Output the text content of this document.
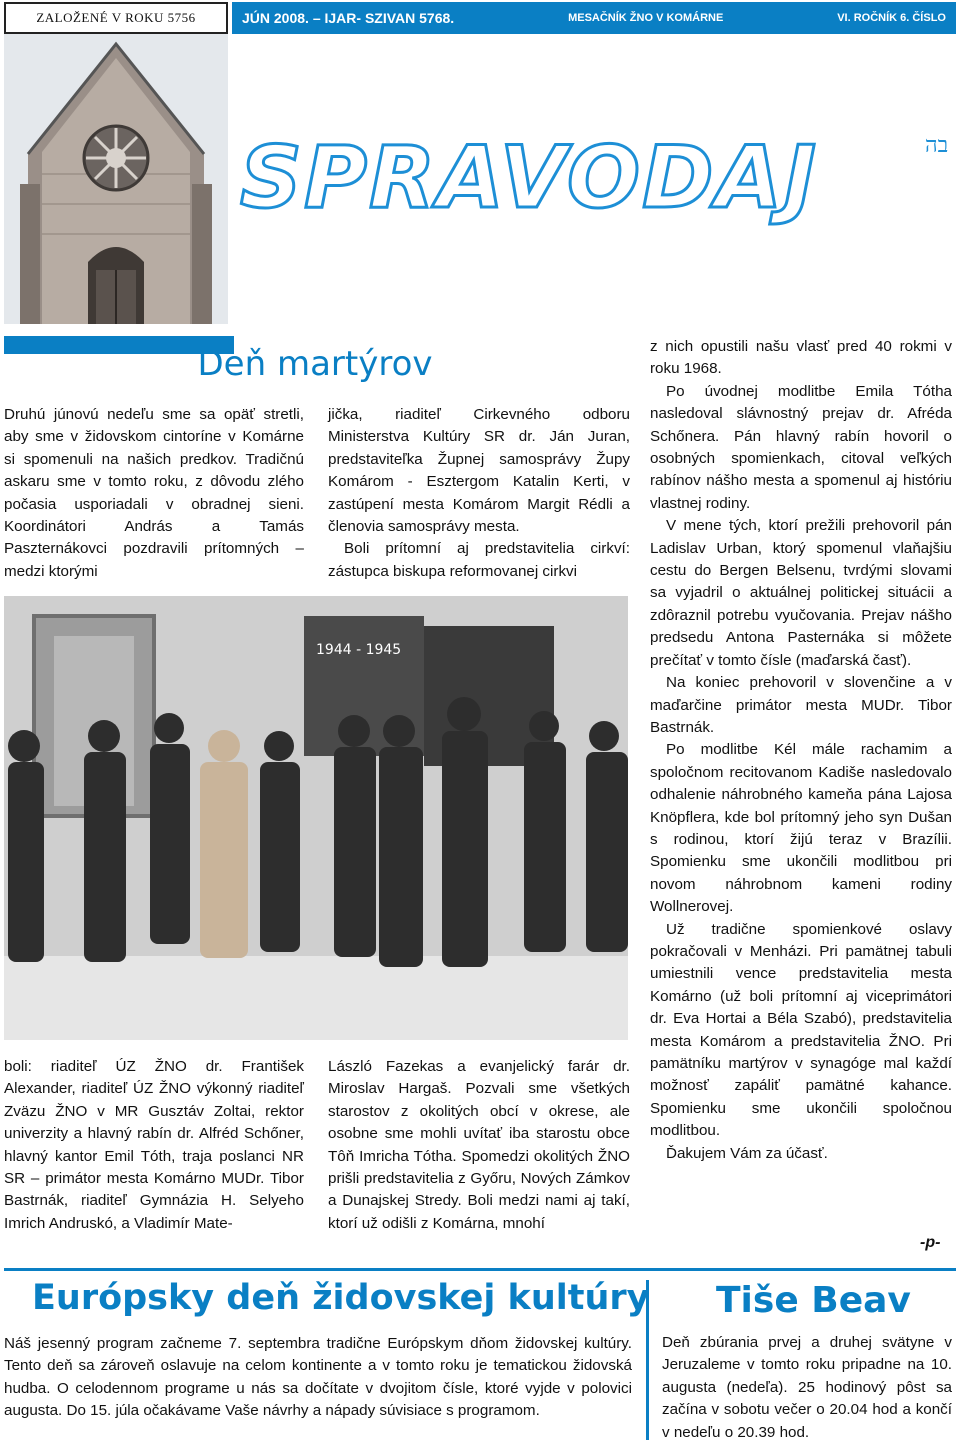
ZALOŽENÉ V ROKU 5756	JÚN 2008. – IJAR- SZIVAN 5768.	MESAČNÍK ŽNO V KOMÁRNE	VI. ROČNÍK 6. ČÍSLO
SPRAVODAJ	בה
Deň martýrov

Druhú júnovú nedeľu sme sa opäť stretli, aby sme v židovskom cintoríne v Komárne si spomenuli na našich predkov. Tradičnú askaru sme v tomto roku, z dôvodu zlého počasia usporiadali v obradnej sieni. Koordinátori András a Tamás Paszternákovci pozdravili prítomných – medzi ktorými

jička, riaditeľ Cirkevného odboru Ministerstva Kultúry SR dr. Ján Juran, predstaviteľka Župnej samosprávy Župy Komárom - Esztergom Katalin Kerti, v zastúpení mesta Komárom Margit Rédli a členovia samosprávy mesta.

Boli prítomní aj predstavitelia cirkví: zástupca biskupa reformovanej cirkvi

1944 - 1945

boli: riaditeľ ÚZ ŽNO dr. František Alexander, riaditeľ ÚZ ŽNO výkonný riaditeľ Zväzu ŽNO v MR Gusztáv Zoltai, rektor univerzity a hlavný rabín dr. Alfréd Schőner, hlavný kantor Emil Tóth, traja poslanci NR SR – primátor mesta Komárno MUDr. Tibor Bastrnák, riaditeľ Gymnázia H. Selyeho Imrich Andruskó, a Vladimír Mate-

László Fazekas a evanjelický farár dr. Miroslav Hargaš. Pozvali sme všetkých starostov z okolitých obcí v okrese, ale osobne sme mohli uvítať iba starostu obce Tôň Imricha Tótha. Spomedzi okolitých ŽNO prišli predstavitelia z Győru, Nových Zámkov a Dunajskej Stredy. Boli medzi nami aj takí, ktorí už odišli z Komárna, mnohí

z nich opustili našu vlasť pred 40 rokmi v roku 1968.

Po úvodnej modlitbe Emila Tótha nasledoval slávnostný prejav dr. Afréda Schőnera. Pán hlavný rabín hovoril o osobných spomienkach, citoval veľkých rabínov nášho mesta a spomenul aj históriu vlastnej rodiny.

V mene tých, ktorí prežili prehovoril pán Ladislav Urban, ktorý spomenul vlaňajšiu cestu do Bergen Belsenu, tvrdými slovami sa vyjadril o aktuálnej politickej situácii a zdôraznil potrebu vyučovania. Prejav nášho predsedu Antona Pasternáka si môžete prečítať v tomto čísle (maďarská časť).

Na koniec prehovoril v slovenčine a v maďarčine primátor mesta MUDr. Tibor Bastrnák.

Po modlitbe Kél mále rachamim a spoločnom recitovanom Kadiše nasledovalo odhalenie náhrobného kameňa pána Lajosa Knöpflera, kde bol prítomný jeho syn Dušan s rodinou, ktorí žijú teraz v Brazílii. Spomienku sme ukončili modlitbou pri novom náhrobnom kameni rodiny Wollnerovej.

Už tradične spomienkové oslavy pokračovali v Menházi. Pri pamätnej tabuli umiestnili vence predstavitelia mesta Komárno (už boli prítomní aj viceprimátori dr. Eva Hortai a Béla Szabó), predstavitelia mesta Komárom a predstavitelia ŽNO. Pri pamätníku martýrov v synagóge mal každí možnosť zapáliť pamätné kahance. Spomienku sme ukončili spoločnou modlitbou.

Ďakujem Vám za účasť.

-p-
Európsky deň židovskej kultúry
Náš jesenný program začneme 7. septembra tradične Európskym dňom židovskej kultúry. Tento deň sa zároveň oslavuje na celom kontinente a v tomto roku je tematickou židovská hudba. O celodennom programe u nás sa dočítate v dvojitom čísle, ktoré vyjde v polovici augusta. Do 15. júla očakávame Vaše návrhy a nápady súvisiace s programom.
Tiše Beav
Deň zbúrania prvej a druhej svätyne v Jeruzaleme v tomto roku pripadne na 10. augusta (nedeľa). 25 hodinový pôst sa začína v sobotu večer o 20.04 hod a končí v nedeľu o 20.39 hod.
